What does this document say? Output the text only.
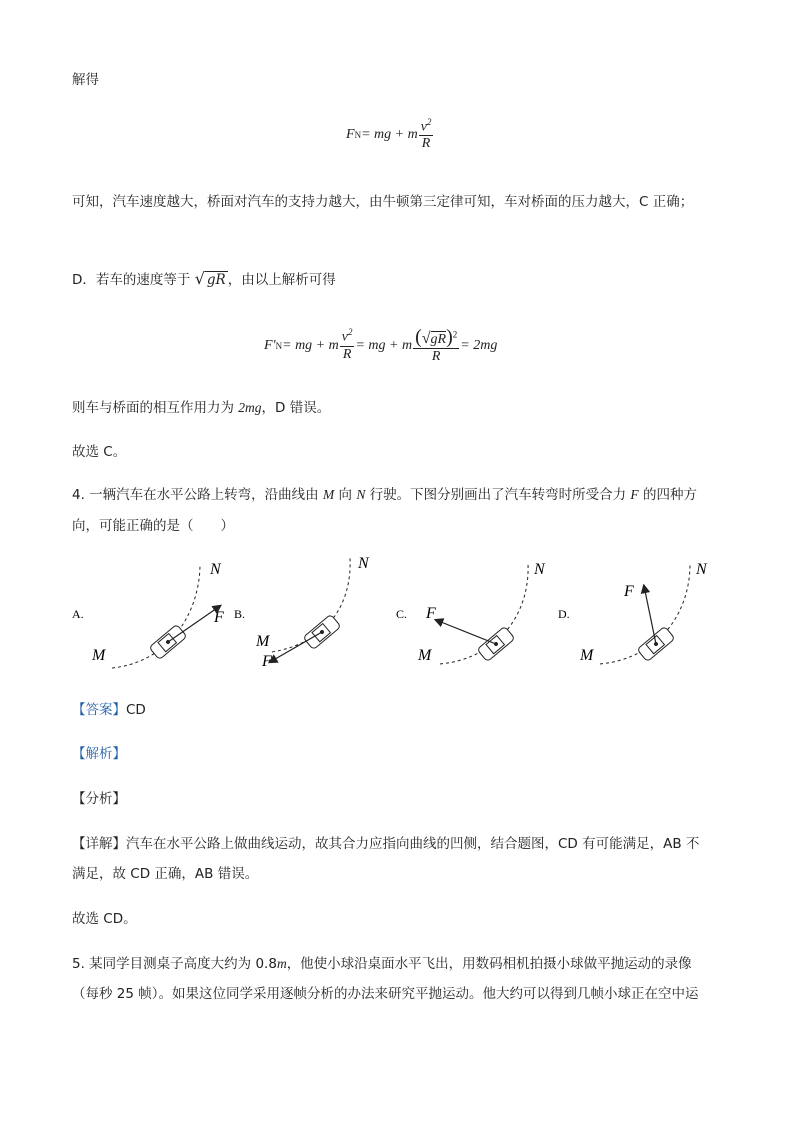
解得
F N = mg + m $\frac{v^2}{R}$
可知，汽车速度越大，桥面对汽车的支持力越大，由牛顿第三定律可知，车对桥面的压力越大，C 正确；
D．若车的速度等于 √ gR ，由以上解析可得
F′ N = mg + m $\frac{v^2}{R}$ = mg + m $\frac{(√gR)^2}{R} = 2mg$
则车与桥面的相互作用力为 2mg，D 错误。
故选 C。
4. 一辆汽车在水平公路上转弯，沿曲线由 M 向 N 行驶。下图分别画出了汽车转弯时所受合力 F 的四种方
向，可能正确的是（　　）
A.
M
N
F B.
M
N
F
C.
M
N
F	D.
M
N
F
【答案】CD
【解析】
【分析】
【详解】汽车在水平公路上做曲线运动，故其合力应指向曲线的凹侧，结合题图，CD 有可能满足，AB 不
满足，故 CD 正确，AB 错误。
故选 CD。
5. 某同学目测桌子高度大约为 0.8m，他使小球沿桌面水平飞出，用数码相机拍摄小球做平抛运动的录像
（每秒 25 帧）。如果这位同学采用逐帧分析的办法来研究平抛运动。他大约可以得到几帧小球正在空中运
